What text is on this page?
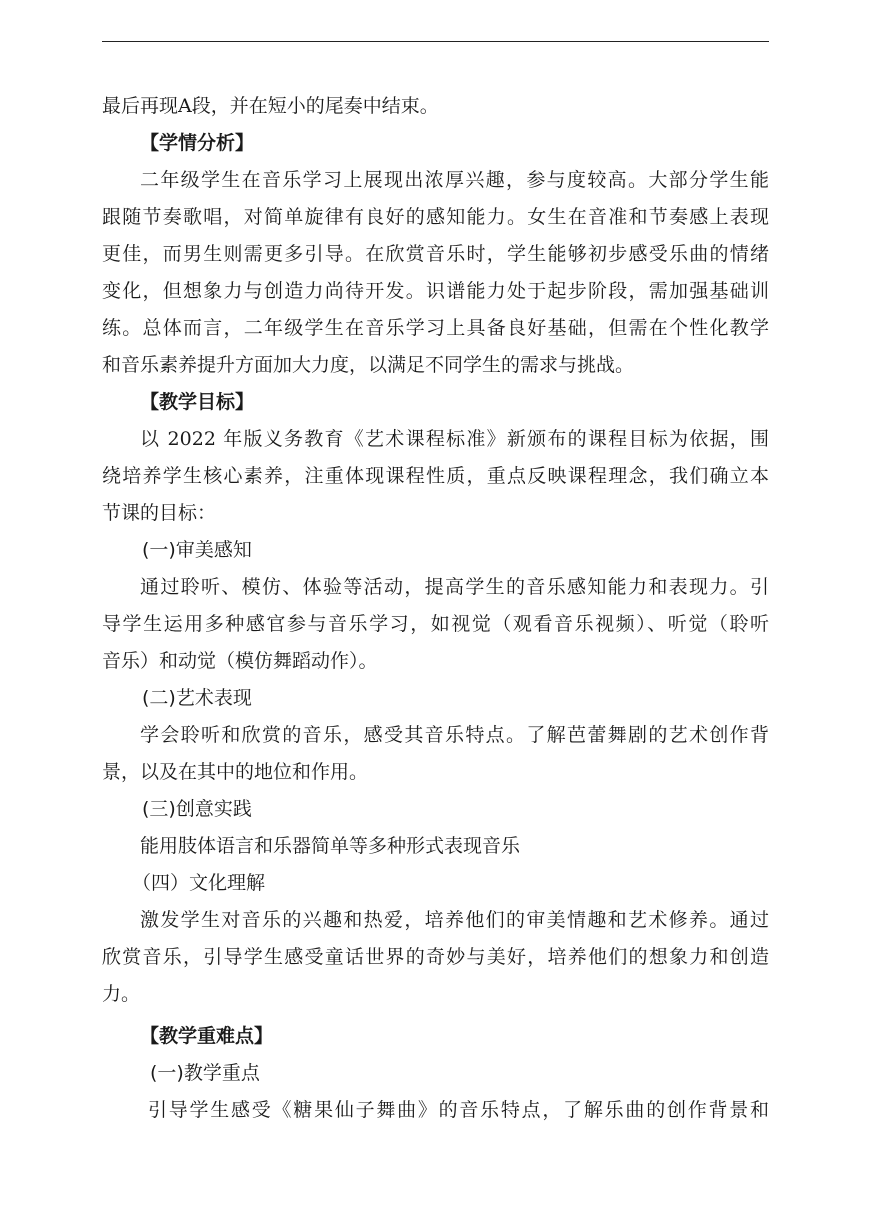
最后再现A段，并在短小的尾奏中结束。
【学情分析】
二年级学生在音乐学习上展现出浓厚兴趣，参与度较高。大部分学生能
跟随节奏歌唱，对简单旋律有良好的感知能力。女生在音准和节奏感上表现
更佳，而男生则需更多引导。在欣赏音乐时，学生能够初步感受乐曲的情绪
变化，但想象力与创造力尚待开发。识谱能力处于起步阶段，需加强基础训
练。总体而言，二年级学生在音乐学习上具备良好基础，但需在个性化教学
和音乐素养提升方面加大力度，以满足不同学生的需求与挑战。
【教学目标】
以 2022 年版义务教育《艺术课程标准》新颁布的课程目标为依据，围
绕培养学生核心素养，注重体现课程性质，重点反映课程理念，我们确立本
节课的目标：
(一)审美感知
通过聆听、模仿、体验等活动，提高学生的音乐感知能力和表现力。引
导学生运用多种感官参与音乐学习，如视觉（观看音乐视频）、听觉（聆听
音乐）和动觉（模仿舞蹈动作）。
(二)艺术表现
学会聆听和欣赏的音乐，感受其音乐特点。了解芭蕾舞剧的艺术创作背
景，以及在其中的地位和作用。
(三)创意实践
能用肢体语言和乐器简单等多种形式表现音乐
（四）文化理解
激发学生对音乐的兴趣和热爱，培养他们的审美情趣和艺术修养。通过
欣赏音乐，引导学生感受童话世界的奇妙与美好，培养他们的想象力和创造
力。
【教学重难点】
(一)教学重点
引导学生感受《糖果仙子舞曲》的音乐特点，了解乐曲的创作背景和
